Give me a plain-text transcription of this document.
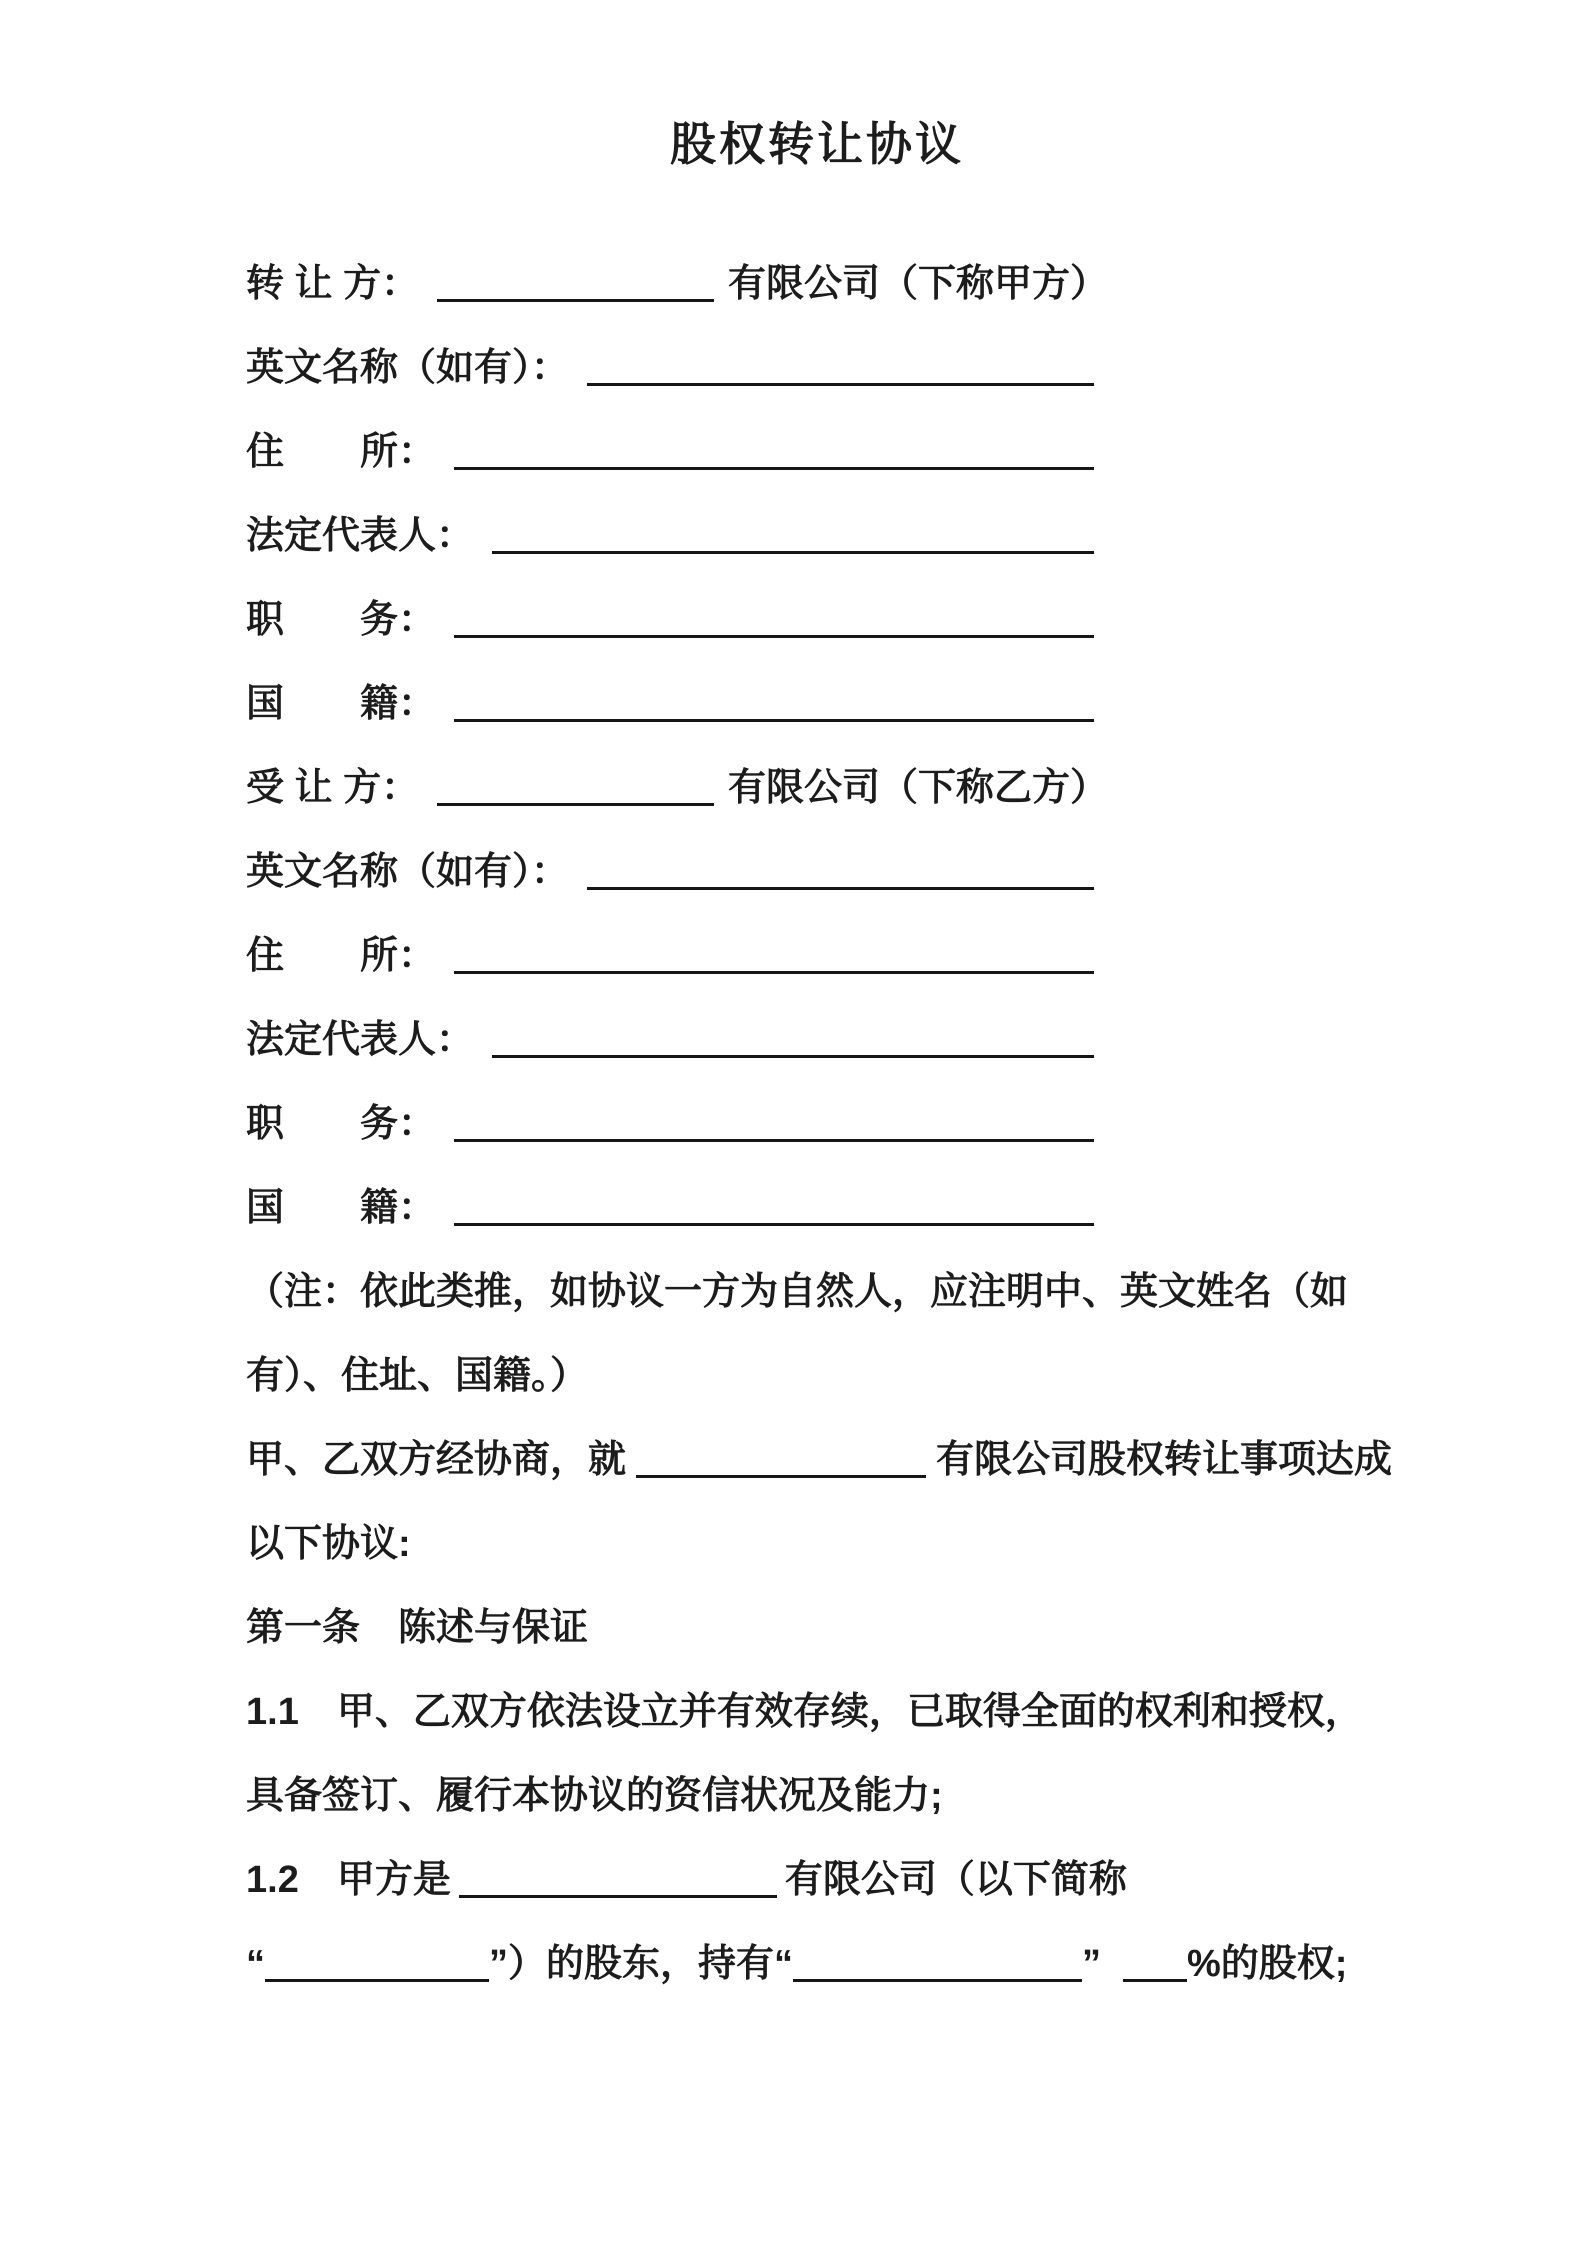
股权转让协议
转 让 方：	有限公司（下称甲方）
英文名称（如有）：
住　　所：
法定代表人：
职　　务：
国　　籍：
受 让 方：	有限公司（下称乙方）
英文名称（如有）：
住　　所：
法定代表人：
职　　务：
国　　籍：

（注：依此类推，如协议一方为自然人，应注明中、英文姓名（如有）、住址、国籍。）

甲、乙双方经协商，就	有限公司股权转让事项达成以下协议:

第一条　陈述与保证

1.1　甲、乙双方依法设立并有效存续，已取得全面的权利和授权，具备签订、履行本协议的资信状况及能力;

1.2　甲方是	有限公司（以下简称
“	”）的股东，持有“	” %的股权;
